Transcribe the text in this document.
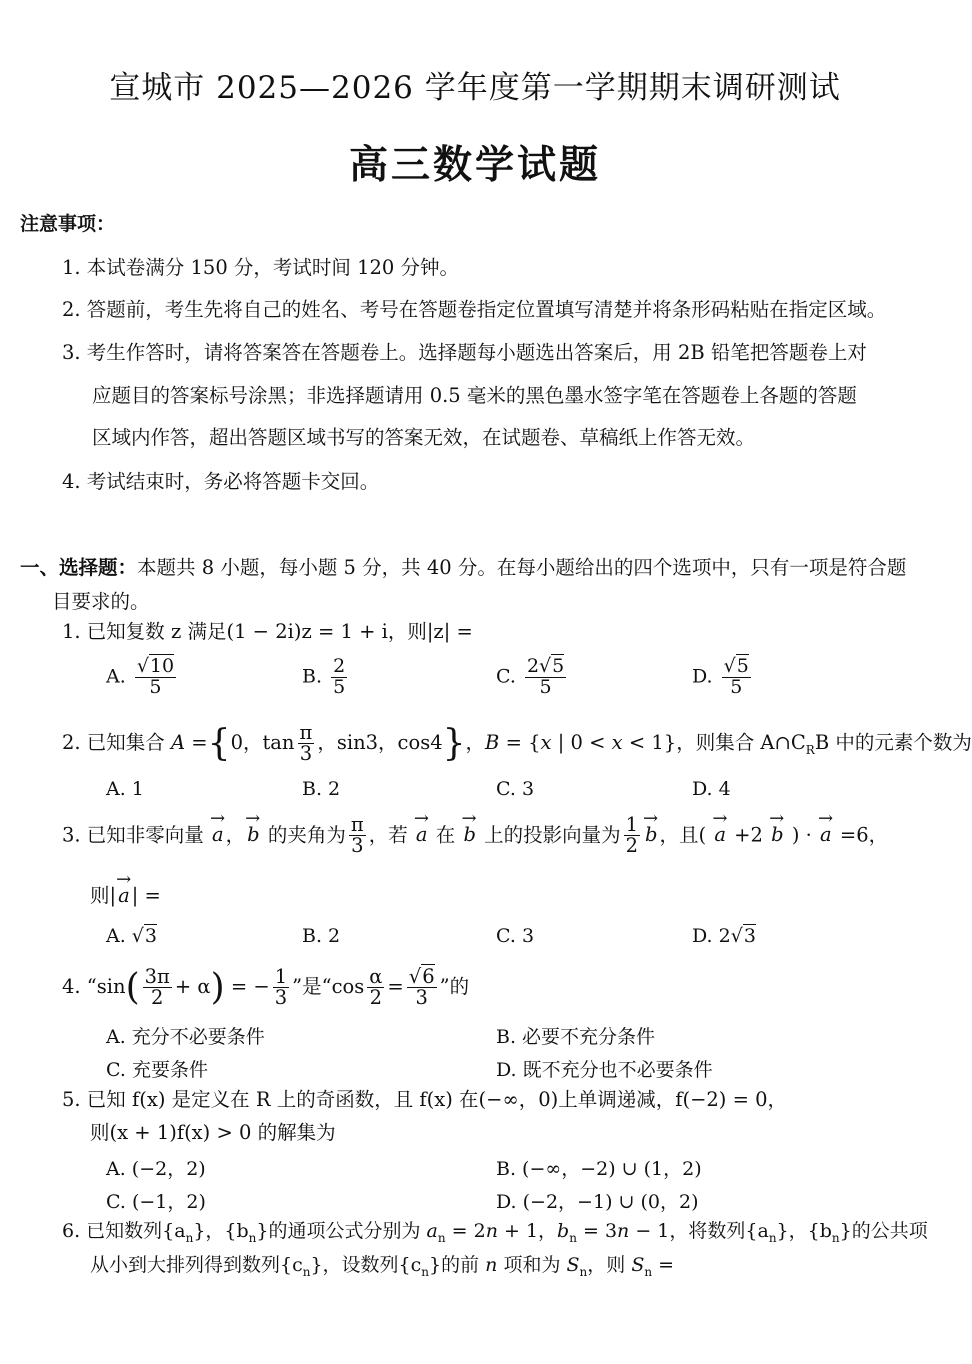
宣城市 2025—2026 学年度第一学期期末调研测试
高三数学试题
注意事项：
1. 本试卷满分 150 分，考试时间 120 分钟。
2. 答题前，考生先将自己的姓名、考号在答题卷指定位置填写清楚并将条形码粘贴在指定区域。
3. 考生作答时，请将答案答在答题卷上。选择题每小题选出答案后，用 2B 铅笔把答题卷上对
应题目的答案标号涂黑；非选择题请用 0.5 毫米的黑色墨水签字笔在答题卷上各题的答题
区域内作答，超出答题区域书写的答案无效，在试题卷、草稿纸上作答无效。
4. 考试结束时，务必将答题卡交回。
一、选择题：本题共 8 小题，每小题 5 分，共 40 分。在每小题给出的四个选项中，只有一项是符合题
目要求的。
1. 已知复数 z 满足(1 − 2i)z = 1 + i，则|z| =
A. $\frac{√10}{5}$	B. $\frac{2}{5}$	C. $\frac{2√5}{5}$	D. $\frac{√5}{5}$
2. 已知集合 A ={0，$\tan \frac{\pi}{3}$ ，sin3，cos4}，B = {x | 0 < x < 1}，则集合 $A\cap C_RB$ 中的元素个数为
A. 1	B. 2	C. 3	D. 4
3. 已知非零向量 → a ，→ b 的夹角为 $\frac{\pi}{3}$ ，若 → a 在 → b 上的投影向量为 $\frac{1}{2}$
→ b ，且( → a +2 → b ) · → a =6，
则|→ a | =
A. √3	B. 2	C. 3	D. 2√3
4. “$\sin( \frac{3\pi}{2} + \alpha)$ = − $\frac{1}{3}$ ”是“$\cos \frac{\alpha}{2} = \frac{√6}{3}$ ”的
A. 充分不必要条件	B. 必要不充分条件
C. 充要条件	D. 既不充分也不必要条件
5. 已知 f(x) 是定义在 R 上的奇函数，且 f(x) 在(−∞，0)上单调递减，f(−2) = 0，
则(x + 1)f(x) > 0 的解集为
A. (−2，2)	B. (−∞，−2) ∪ (1，2)
C. (−1，2)	D. (−2，−1) ∪ (0，2)
6. 已知数列$\{a_n\}$，$\{b_n\}$的通项公式分别为 $a_n = 2n + 1$，$b_n = 3n - 1$，将数列$\{a_n\}$，$\{b_n\}$的公共项
从小到大排列得到数列$\{c_n\}$，设数列$\{c_n\}$的前 n 项和为 $S_n$，则 $S_n$ =
